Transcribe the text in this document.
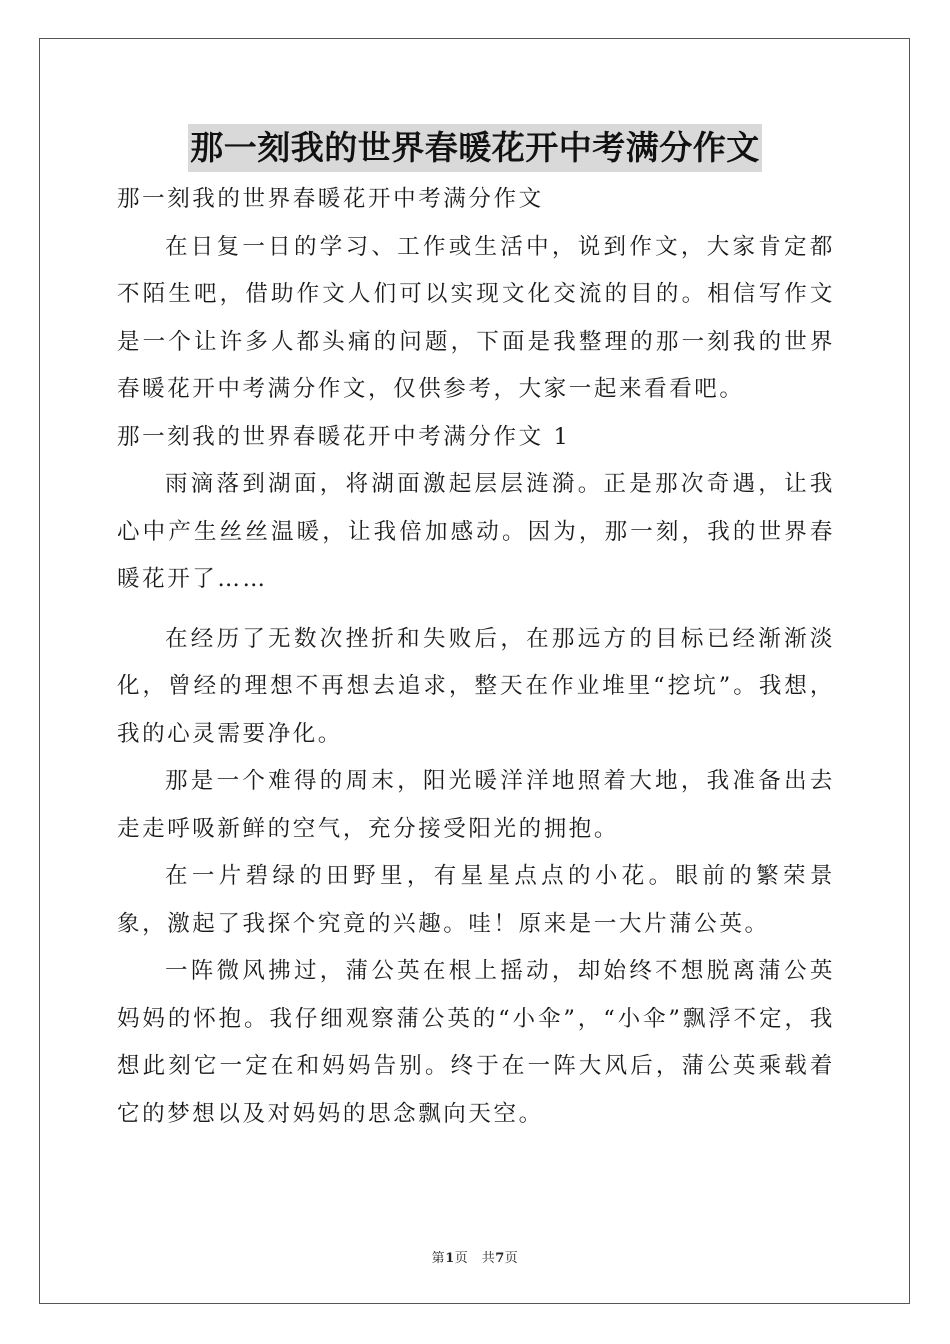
那一刻我的世界春暖花开中考满分作文

那一刻我的世界春暖花开中考满分作文

在日复一日的学习、工作或生活中，说到作文，大家肯定都不陌生吧，借助作文人们可以实现文化交流的目的。相信写作文是一个让许多人都头痛的问题，下面是我整理的那一刻我的世界春暖花开中考满分作文，仅供参考，大家一起来看看吧。

那一刻我的世界春暖花开中考满分作文 1

雨滴落到湖面，将湖面激起层层涟漪。正是那次奇遇，让我心中产生丝丝温暖，让我倍加感动。因为，那一刻，我的世界春暖花开了……

在经历了无数次挫折和失败后，在那远方的目标已经渐渐淡化，曾经的理想不再想去追求，整天在作业堆里“挖坑”。我想，我的心灵需要净化。

那是一个难得的周末，阳光暖洋洋地照着大地，我准备出去走走呼吸新鲜的空气，充分接受阳光的拥抱。

在一片碧绿的田野里，有星星点点的小花。眼前的繁荣景象，激起了我探个究竟的兴趣。哇！原来是一大片蒲公英。

一阵微风拂过，蒲公英在根上摇动，却始终不想脱离蒲公英妈妈的怀抱。我仔细观察蒲公英的“小伞”，“小伞”飘浮不定，我想此刻它一定在和妈妈告别。终于在一阵大风后，蒲公英乘载着它的梦想以及对妈妈的思念飘向天空。

第1页　共7页
